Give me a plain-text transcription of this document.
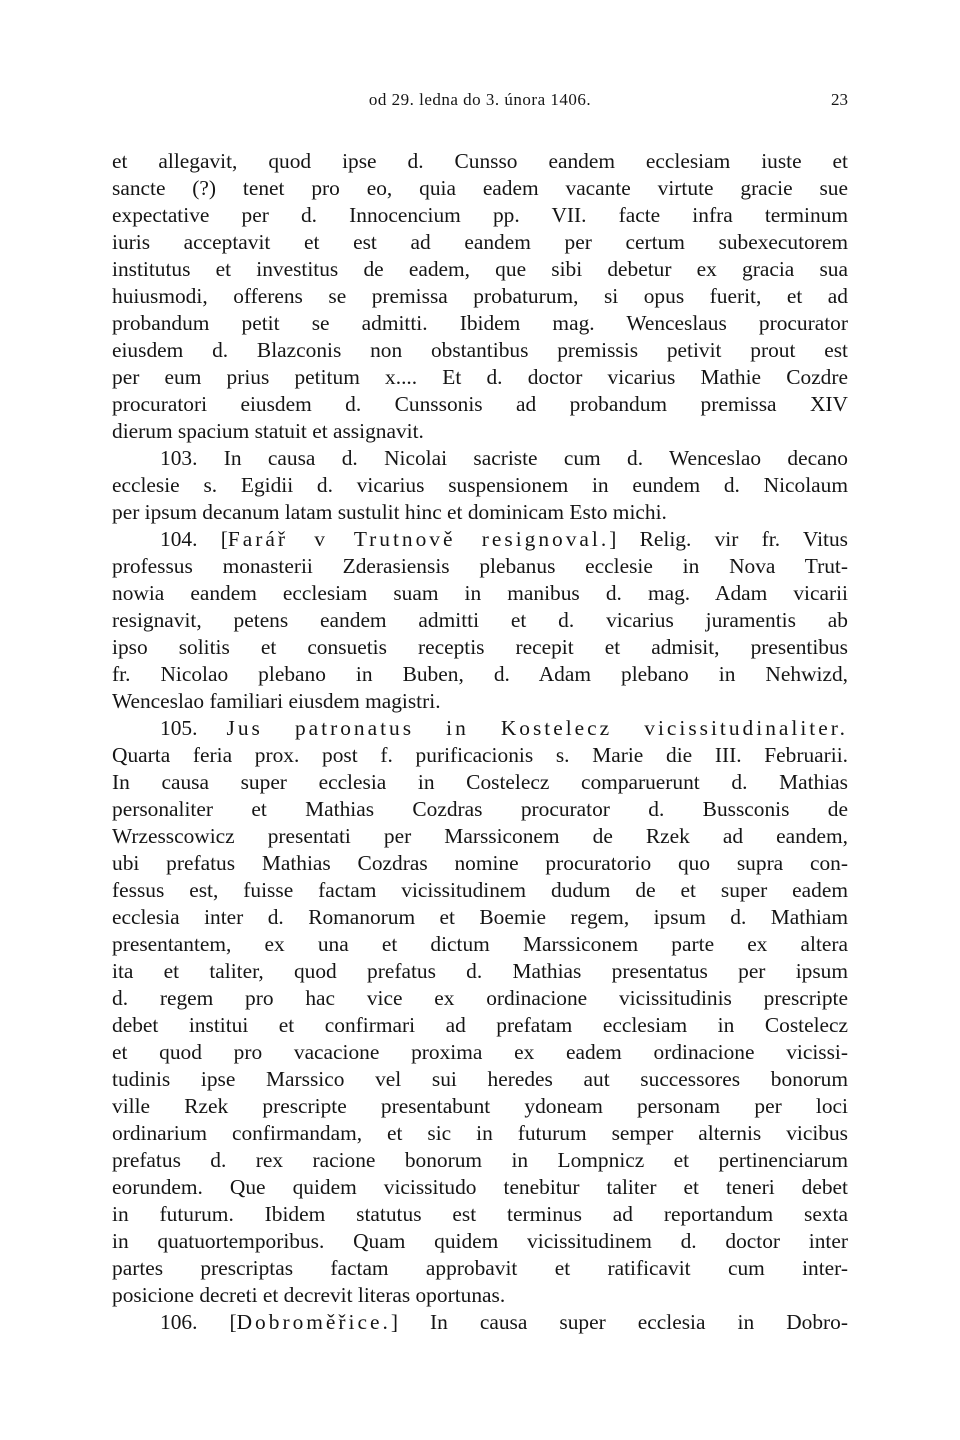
od 29. ledna do 3. února 1406.	23
et allegavit, quod ipse d. Cunsso eandem ecclesiam iuste et
sancte (?) tenet pro eo, quia eadem vacante virtute gracie sue
expectative per d. Innocencium pp. VII. facte infra terminum
iuris acceptavit et est ad eandem per certum subexecutorem
institutus et investitus de eadem, que sibi debetur ex gracia sua
huiusmodi, offerens se premissa probaturum, si opus fuerit, et ad
probandum petit se admitti. Ibidem mag. Wenceslaus procurator
eiusdem d. Blazconis non obstantibus premissis petivit prout est
per eum prius petitum x.... Et d. doctor vicarius Mathie Cozdre
procuratori eiusdem d. Cunssonis ad probandum premissa XIV
dierum spacium statuit et assignavit.
103. In causa d. Nicolai sacriste cum d. Wenceslao decano
ecclesie s. Egidii d. vicarius suspensionem in eundem d. Nicolaum
per ipsum decanum latam sustulit hinc et dominicam Esto michi.
104. [Farář v Trutnově resignoval.] Relig. vir fr. Vitus
professus monasterii Zderasiensis plebanus ecclesie in Nova Trut-
nowia eandem ecclesiam suam in manibus d. mag. Adam vicarii
resignavit, petens eandem admitti et d. vicarius juramentis ab
ipso solitis et consuetis receptis recepit et admisit, presentibus
fr. Nicolao plebano in Buben, d. Adam plebano in Nehwizd,
Wenceslao familiari eiusdem magistri.
105. Jus patronatus in Kostelecz vicissitudinaliter.
Quarta feria prox. post f. purificacionis s. Marie die III. Februarii.
In causa super ecclesia in Costelecz comparuerunt d. Mathias
personaliter et Mathias Cozdras procurator d. Bussconis de
Wrzesscowicz presentati per Marssiconem de Rzek ad eandem,
ubi prefatus Mathias Cozdras nomine procuratorio quo supra con-
fessus est, fuisse factam vicissitudinem dudum de et super eadem
ecclesia inter d. Romanorum et Boemie regem, ipsum d. Mathiam
presentantem, ex una et dictum Marssiconem parte ex altera
ita et taliter, quod prefatus d. Mathias presentatus per ipsum
d. regem pro hac vice ex ordinacione vicissitudinis prescripte
debet institui et confirmari ad prefatam ecclesiam in Costelecz
et quod pro vacacione proxima ex eadem ordinacione vicissi-
tudinis ipse Marssico vel sui heredes aut successores bonorum
ville Rzek prescripte presentabunt ydoneam personam per loci
ordinarium confirmandam, et sic in futurum semper alternis vicibus
prefatus d. rex racione bonorum in Lompnicz et pertinenciarum
eorundem. Que quidem vicissitudo tenebitur taliter et teneri debet
in futurum. Ibidem statutus est terminus ad reportandum sexta
in quatuortemporibus. Quam quidem vicissitudinem d. doctor inter
partes prescriptas factam approbavit et ratificavit cum inter-
posicione decreti et decrevit literas oportunas.
106. [Dobroměřice.] In causa super ecclesia in Dobro-
